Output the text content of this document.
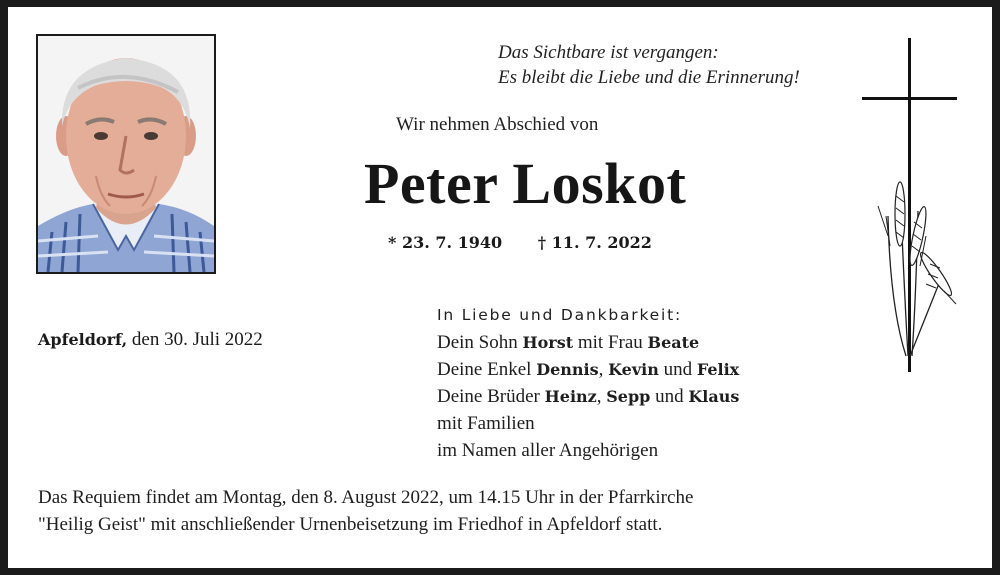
Das Sichtbare ist vergangen:
Es bleibt die Liebe und die Erinnerung!
Wir nehmen Abschied von
Peter Loskot
* 23. 7. 1940 † 11. 7. 2022
Apfeldorf, den 30. Juli 2022
In Liebe und Dankbarkeit:
Dein Sohn Horst mit Frau Beate
Deine Enkel Dennis, Kevin und Felix
Deine Brüder Heinz, Sepp und Klaus
mit Familien
im Namen aller Angehörigen
Das Requiem findet am Montag, den 8. August 2022, um 14.15 Uhr in der Pfarrkirche
"Heilig Geist" mit anschließender Urnenbeisetzung im Friedhof in Apfeldorf statt.
